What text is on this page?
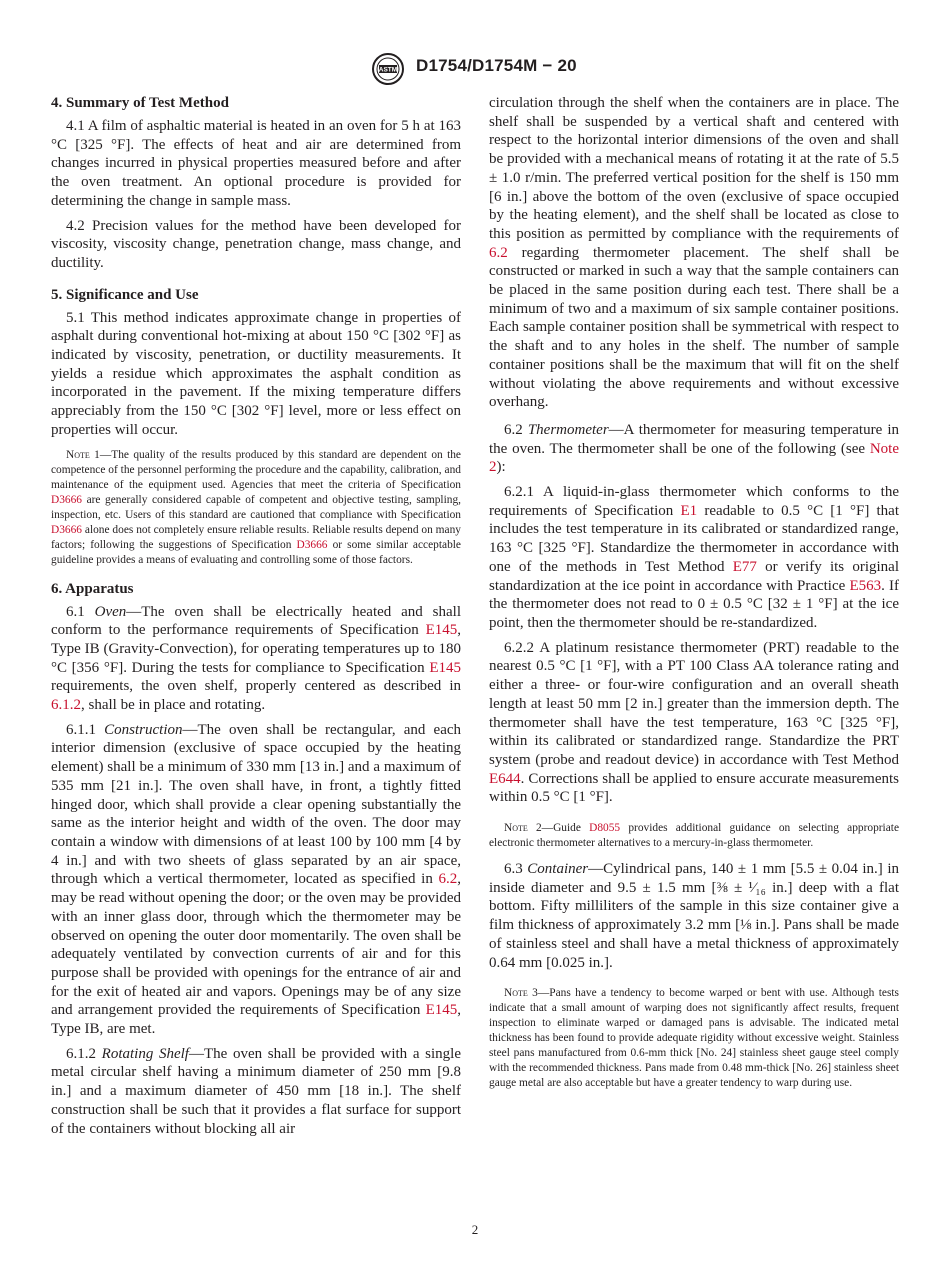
ASTM D1754/D1754M − 20
4. Summary of Test Method

4.1 A film of asphaltic material is heated in an oven for 5 h at 163 °C [325 °F]. The effects of heat and air are determined from changes incurred in physical properties measured before and after the oven treatment. An optional procedure is provided for determining the change in sample mass.

4.2 Precision values for the method have been developed for viscosity, viscosity change, penetration change, mass change, and ductility.

5. Significance and Use

5.1 This method indicates approximate change in properties of asphalt during conventional hot-mixing at about 150 °C [302 °F] as indicated by viscosity, penetration, or ductility measurements. It yields a residue which approximates the asphalt condition as incorporated in the pavement. If the mixing temperature differs appreciably from the 150 °C [302 °F] level, more or less effect on properties will occur.

Note 1—The quality of the results produced by this standard are dependent on the competence of the personnel performing the procedure and the capability, calibration, and maintenance of the equipment used. Agencies that meet the criteria of Specification D3666 are generally considered capable of competent and objective testing, sampling, inspection, etc. Users of this standard are cautioned that compliance with Specification D3666 alone does not completely ensure reliable results. Reliable results depend on many factors; following the suggestions of Specification D3666 or some similar acceptable guideline provides a means of evaluating and controlling some of those factors.

6. Apparatus

6.1 Oven—The oven shall be electrically heated and shall conform to the performance requirements of Specification E145, Type IB (Gravity-Convection), for operating temperatures up to 180 °C [356 °F]. During the tests for compliance to Specification E145 requirements, the oven shelf, properly centered as described in 6.1.2, shall be in place and rotating.

6.1.1 Construction—The oven shall be rectangular, and each interior dimension (exclusive of space occupied by the heating element) shall be a minimum of 330 mm [13 in.] and a maximum of 535 mm [21 in.]. The oven shall have, in front, a tightly fitted hinged door, which shall provide a clear opening substantially the same as the interior height and width of the oven. The door may contain a window with dimensions of at least 100 by 100 mm [4 by 4 in.] and with two sheets of glass separated by an air space, through which a vertical thermometer, located as specified in 6.2, may be read without opening the door; or the oven may be provided with an inner glass door, through which the thermometer may be observed on opening the outer door momentarily. The oven shall be adequately ventilated by convection currents of air and for this purpose shall be provided with openings for the entrance of air and for the exit of heated air and vapors. Openings may be of any size and arrangement provided the requirements of Specification E145, Type IB, are met.

6.1.2 Rotating Shelf—The oven shall be provided with a single metal circular shelf having a minimum diameter of 250 mm [9.8 in.] and a maximum diameter of 450 mm [18 in.]. The shelf construction shall be such that it provides a flat surface for support of the containers without blocking all air

circulation through the shelf when the containers are in place. The shelf shall be suspended by a vertical shaft and centered with respect to the horizontal interior dimensions of the oven and shall be provided with a mechanical means of rotating it at the rate of 5.5 ± 1.0 r/min. The preferred vertical position for the shelf is 150 mm [6 in.] above the bottom of the oven (exclusive of space occupied by the heating element), and the shelf shall be located as close to this position as permitted by compliance with the requirements of 6.2 regarding thermometer placement. The shelf shall be constructed or marked in such a way that the sample containers can be placed in the same position during each test. There shall be a minimum of two and a maximum of six sample container positions. Each sample container position shall be symmetrical with respect to the shaft and to any holes in the shelf. The number of sample container positions shall be the maximum that will fit on the shelf without violating the above requirements and without excessive overhang.

6.2 Thermometer—A thermometer for measuring temperature in the oven. The thermometer shall be one of the following (see Note 2):

6.2.1 A liquid-in-glass thermometer which conforms to the requirements of Specification E1 readable to 0.5 °C [1 °F] that includes the test temperature in its calibrated or standardized range, 163 °C [325 °F]. Standardize the thermometer in accordance with one of the methods in Test Method E77 or verify its original standardization at the ice point in accordance with Practice E563. If the thermometer does not read to 0 ± 0.5 °C [32 ± 1 °F] at the ice point, then the thermometer should be re-standardized.

6.2.2 A platinum resistance thermometer (PRT) readable to the nearest 0.5 °C [1 °F], with a PT 100 Class AA tolerance rating and either a three- or four-wire configuration and an overall sheath length at least 50 mm [2 in.] greater than the immersion depth. The thermometer shall have the test temperature, 163 °C [325 °F], within its calibrated or standardized range. Standardize the PRT system (probe and readout device) in accordance with Test Method E644. Corrections shall be applied to ensure accurate measurements within 0.5 °C [1 °F].

Note 2—Guide D8055 provides additional guidance on selecting appropriate electronic thermometer alternatives to a mercury-in-glass thermometer.

6.3 Container—Cylindrical pans, 140 ± 1 mm [5.5 ± 0.04 in.] in inside diameter and 9.5 ± 1.5 mm [⅜ ± ¹⁄₁₆ in.] deep with a flat bottom. Fifty milliliters of the sample in this size container give a film thickness of approximately 3.2 mm [⅛ in.]. Pans shall be made of stainless steel and shall have a metal thickness of approximately 0.64 mm [0.025 in.].

Note 3—Pans have a tendency to become warped or bent with use. Although tests indicate that a small amount of warping does not significantly affect results, frequent inspection to eliminate warped or damaged pans is advisable. The indicated metal thickness has been found to provide adequate rigidity without excessive weight. Stainless steel pans manufactured from 0.6-mm thick [No. 24] stainless sheet gauge steel comply with the recommended thickness. Pans made from 0.48 mm-thick [No. 26] stainless sheet gauge metal are also acceptable but have a greater tendency to warp during use.

2
